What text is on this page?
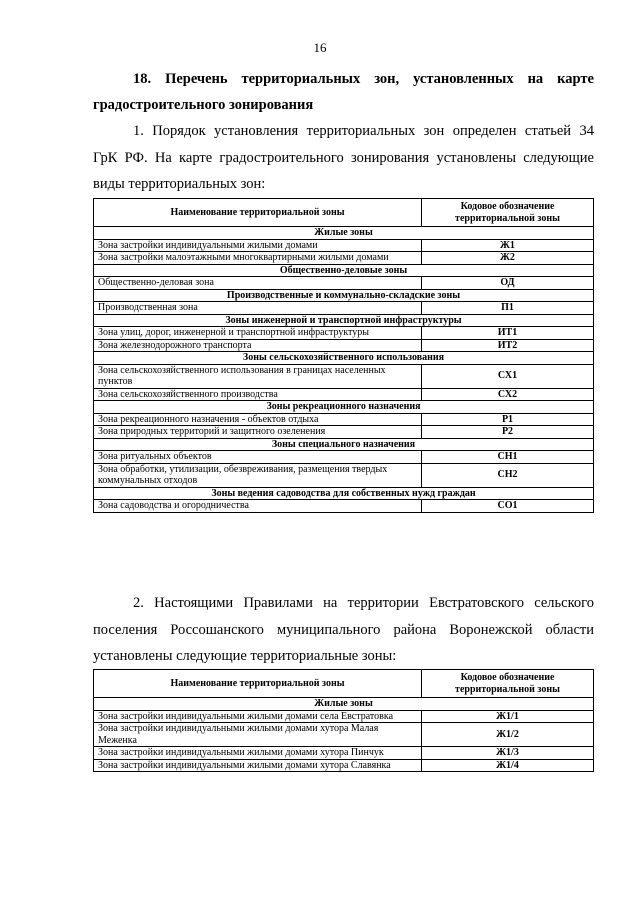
16
18. Перечень территориальных зон, установленных на карте
градостроительного зонирования
1. Порядок установления территориальных зон определен статьей 34
ГрК РФ. На карте градостроительного зонирования установлены следующие
виды территориальных зон:
Наименование территориальной зоны	Кодовое обозначение территориальной зоны
Жилые зоны	
Зона застройки индивидуальными жилыми домами	Ж1
Зона застройки малоэтажными многоквартирными жилыми домами	Ж2
Общественно-деловые зоны	
Общественно-деловая зона	ОД
Производственные и коммунально-складские зоны	
Производственная зона	П1
Зоны инженерной и транспортной инфраструктуры	
Зона улиц, дорог, инженерной и транспортной инфраструктуры	ИТ1
Зона железнодорожного транспорта	ИТ2
Зоны сельскохозяйственного использования	
Зона сельскохозяйственного использования в границах населенных пунктов	СХ1
Зона сельскохозяйственного производства	СХ2
Зоны рекреационного назначения	
Зона рекреационного назначения - объектов отдыха	Р1
Зона природных территорий и защитного озеленения	Р2
Зоны специального назначения	
Зона ритуальных объектов	СН1
Зона обработки, утилизации, обезвреживания, размещения твердых коммунальных отходов	СН2
Зоны ведения садоводства для собственных нужд граждан	
Зона садоводства и огородничества	СО1
2. Настоящими Правилами на территории Евстратовского сельского
поселения Россошанского муниципального района Воронежской области
установлены следующие территориальные зоны:
Наименование территориальной зоны	Кодовое обозначение территориальной зоны
Жилые зоны	
Зона застройки индивидуальными жилыми домами села Евстратовка	Ж1/1
Зона застройки индивидуальными жилыми домами хутора Малая Меженка	Ж1/2
Зона застройки индивидуальными жилыми домами хутора Пинчук	Ж1/3
Зона застройки индивидуальными жилыми домами хутора Славянка	Ж1/4
